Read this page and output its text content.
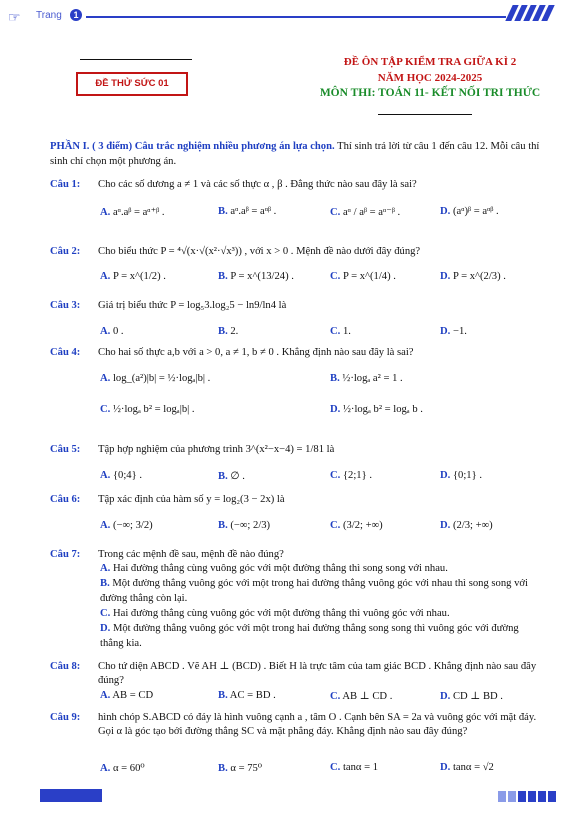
☞ Trang	1
ĐỀ THỬ SỨC 01
ĐỀ ÔN TẬP KIỂM TRA GIỮA KÌ 2
NĂM HỌC 2024-2025
MÔN THI: TOÁN 11- KẾT NỐI TRI THỨC
PHẦN I. ( 3 điểm) Câu trắc nghiệm nhiều phương án lựa chọn. Thí sinh trả lời từ câu 1 đến câu 12. Mỗi câu thí sinh chỉ chọn một phương án.
Câu 1: Cho các số dương a ≠ 1 và các số thực α , β . Đẳng thức nào sau đây là sai?
A. aᵅ.aᵝ = aᵅ⁺ᵝ .	B. aᵅ.aᵝ = aᵅᵝ .	C. aᵅ / aᵝ = aᵅ⁻ᵝ .	D. (aᵅ)ᵝ = aᵅᵝ .
Câu 2: Cho biểu thức P = ⁴√(x·√(x²·√x³)) , với x > 0 . Mệnh đề nào dưới đây đúng?
A. P = x^(1/2) .	B. P = x^(13/24) .	C. P = x^(1/4) .	D. P = x^(2/3) .
Câu 3: Giá trị biểu thức P = log₅3.log₂5 − ln9/ln4 là
A. 0 .	B. 2.	C. 1.	D. −1.
Câu 4: Cho hai số thực a,b với a > 0, a ≠ 1, b ≠ 0 . Khẳng định nào sau đây là sai?
A. log_(a²)|b| = ½·logₐ|b| .	B. ½·logₐ a² = 1 .
C. ½·logₐ b² = logₐ|b| .	D. ½·logₐ b² = logₐ b .
Câu 5: Tập hợp nghiệm của phương trình 3^(x²−x−4) = 1/81 là
A. {0;4} .	B. ∅ .	C. {2;1} .	D. {0;1} .
Câu 6: Tập xác định của hàm số y = log₂(3 − 2x) là
A. (−∞; 3/2)	B. (−∞; 2/3)	C. (3/2; +∞)	D. (2/3; +∞)
Câu 7: Trong các mệnh đề sau, mệnh đề nào đúng?
A. Hai đường thẳng cùng vuông góc với một đường thẳng thì song song với nhau.
B. Một đường thẳng vuông góc với một trong hai đường thẳng vuông góc với nhau thì song song với đường thẳng còn lại.
C. Hai đường thẳng cùng vuông góc với một đường thẳng thì vuông góc với nhau.
D. Một đường thẳng vuông góc với một trong hai đường thẳng song song thì vuông góc với đường thẳng kia.
Câu 8:	Cho tứ diện ABCD . Vẽ AH ⊥ (BCD) . Biết H là trực tâm của tam giác BCD . Khẳng định nào sau đây đúng?
A. AB = CD	B. AC = BD .	C. AB ⊥ CD .	D. CD ⊥ BD .
Câu 9:	hình chóp S.ABCD có đáy là hình vuông cạnh a , tâm O . Cạnh bên SA = 2a và vuông góc với mặt đáy. Gọi α là góc tạo bởi đường thẳng SC và mặt phẳng đáy. Khẳng định nào sau đây đúng?
A. α = 60⁰	B. α = 75⁰	C. tanα = 1	D. tanα = √2
